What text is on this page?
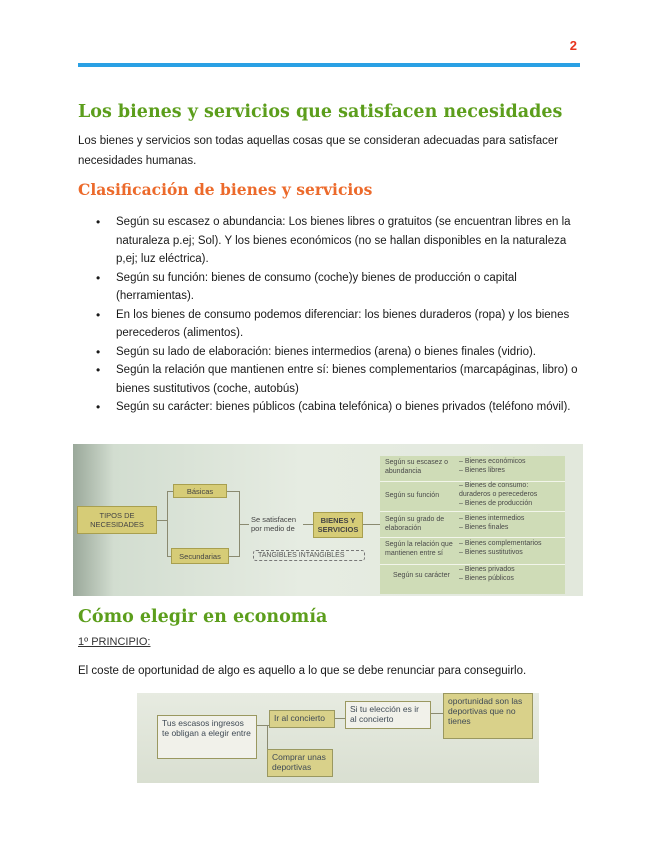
2
Los bienes y servicios que satisfacen necesidades

Los bienes y servicios son todas aquellas cosas que se consideran adecuadas para satisfacer necesidades humanas.

Clasificación de bienes y servicios
• Según su escasez o abundancia: Los bienes libres o gratuitos (se encuentran libres en la naturaleza p.ej; Sol). Y los bienes económicos (no se hallan disponibles en la naturaleza p,ej; luz eléctrica).
• Según su función: bienes de consumo (coche)y bienes de producción o capital (herramientas).
• En los bienes de consumo podemos diferenciar: los bienes duraderos (ropa) y los bienes perecederos (alimentos).
• Según su lado de elaboración: bienes intermedios (arena) o bienes finales (vidrio).
• Según la relación que mantienen entre sí: bienes complementarios (marcapáginas, libro) o bienes sustitutivos (coche, autobús)
• Según su carácter: bienes públicos (cabina telefónica) o bienes privados (teléfono móvil).
TIPOS DE NECESIDADES
Básicas
Secundarias
Se satisfacen por medio de
BIENES Y SERVICIOS
TANGIBLES INTANGIBLES
Según su escasez o abundancia
– Bienes económicos
– Bienes libres
Según su función
– Bienes de consumo: duraderos o perecederos
– Bienes de producción
Según su grado de elaboración
– Bienes intermedios
– Bienes finales
Según la relación que mantienen entre sí
– Bienes complementarios
– Bienes sustitutivos
Según su carácter
– Bienes privados
– Bienes públicos
Cómo elegir en economía
1º PRINCIPIO:

El coste de oportunidad de algo es aquello a lo que se debe renunciar para conseguirlo.

Tus escasos ingresos te obligan a elegir entre
Ir al concierto
Comprar unas deportivas
Si tu elección es ir al concierto
oportunidad son las deportivas que no tienes
